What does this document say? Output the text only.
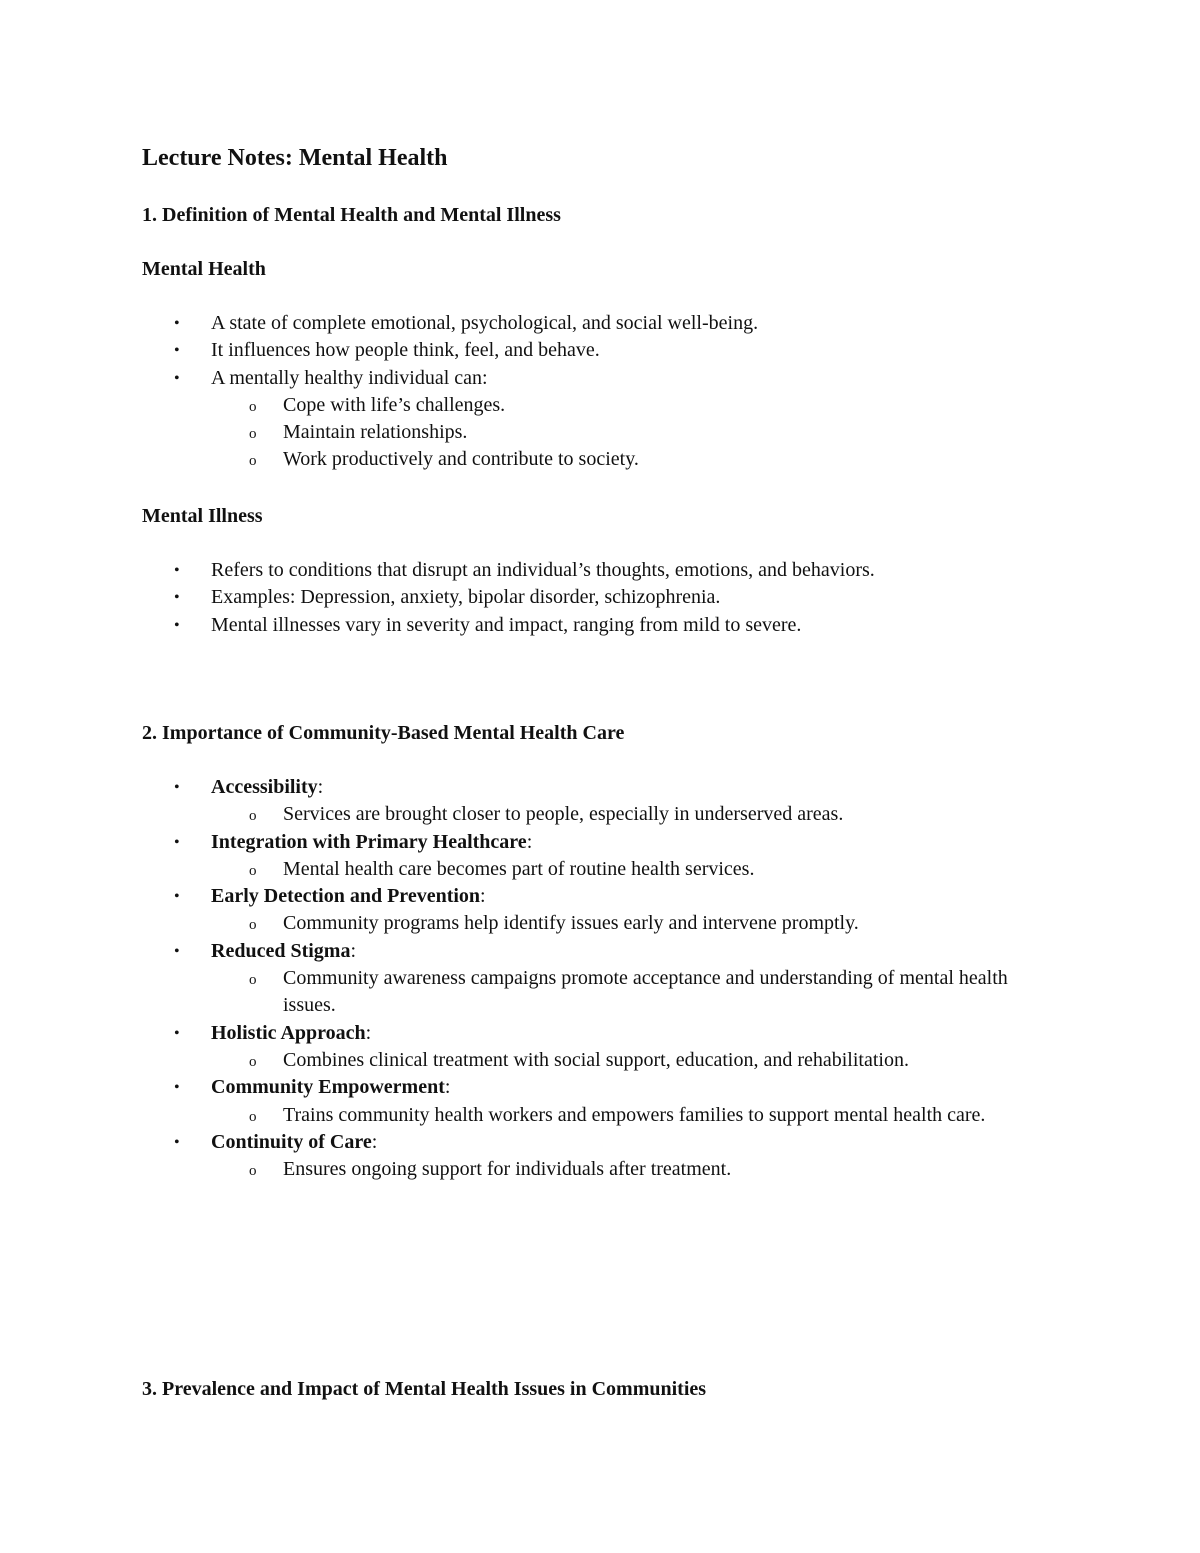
Lecture Notes: Mental Health
1. Definition of Mental Health and Mental Illness
Mental Health
• A state of complete emotional, psychological, and social well-being.
• It influences how people think, feel, and behave.
• A mentally healthy individual can:
o Cope with life’s challenges.
o Maintain relationships.
o Work productively and contribute to society.
Mental Illness
• Refers to conditions that disrupt an individual’s thoughts, emotions, and behaviors.
• Examples: Depression, anxiety, bipolar disorder, schizophrenia.
• Mental illnesses vary in severity and impact, ranging from mild to severe.
2. Importance of Community-Based Mental Health Care
• Accessibility:
o Services are brought closer to people, especially in underserved areas.
• Integration with Primary Healthcare:
o Mental health care becomes part of routine health services.
• Early Detection and Prevention:
o Community programs help identify issues early and intervene promptly.
• Reduced Stigma:
o Community awareness campaigns promote acceptance and understanding of mental health issues.
• Holistic Approach:
o Combines clinical treatment with social support, education, and rehabilitation.
• Community Empowerment:
o Trains community health workers and empowers families to support mental health care.
• Continuity of Care:
o Ensures ongoing support for individuals after treatment.
3. Prevalence and Impact of Mental Health Issues in Communities
